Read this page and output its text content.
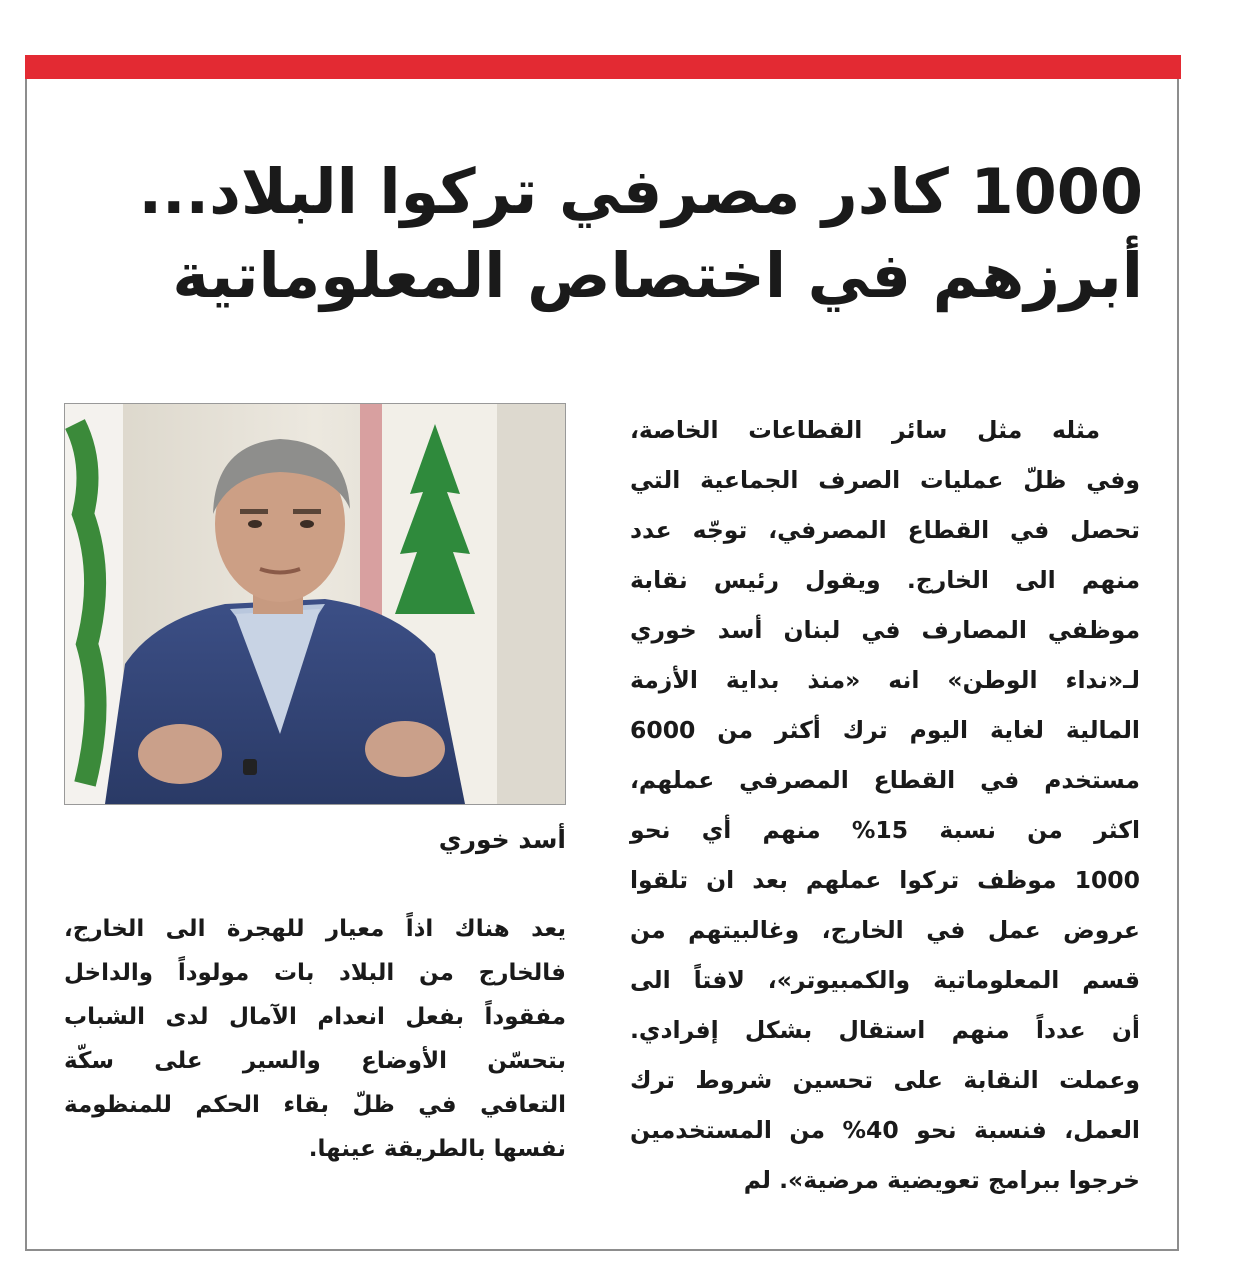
1000 كادر مصرفي تركوا البلاد...
أبرزهم في اختصاص المعلوماتية
مثله مثل سائر القطاعات الخاصة،
وفي ظلّ عمليات الصرف الجماعية التي
تحصل في القطاع المصرفي، توجّه عدد
منهم الى الخارج. ويقول رئيس نقابة
موظفي المصارف في لبنان أسد خوري
لـ«نداء الوطن» انه «منذ بداية الأزمة
المالية لغاية اليوم ترك أكثر من 6000
مستخدم في القطاع المصرفي عملهم،
اكثر من نسبة 15% منهم أي نحو
1000 موظف تركوا عملهم بعد ان تلقوا
عروض عمل في الخارج، وغالبيتهم من
قسم المعلوماتية والكمبيوتر»، لافتاً الى
أن عدداً منهم استقال بشكل إفرادي.
وعملت النقابة على تحسين شروط ترك
العمل، فنسبة نحو 40% من المستخدمين
خرجوا ببرامج تعويضية مرضية». لم
أسد خوري
يعد هناك اذاً معيار للهجرة الى الخارج،
فالخارج من البلاد بات مولوداً والداخل
مفقوداً بفعل انعدام الآمال لدى الشباب
بتحسّن الأوضاع والسير على سكّة
التعافي في ظلّ بقاء الحكم للمنظومة
نفسها بالطريقة عينها.
